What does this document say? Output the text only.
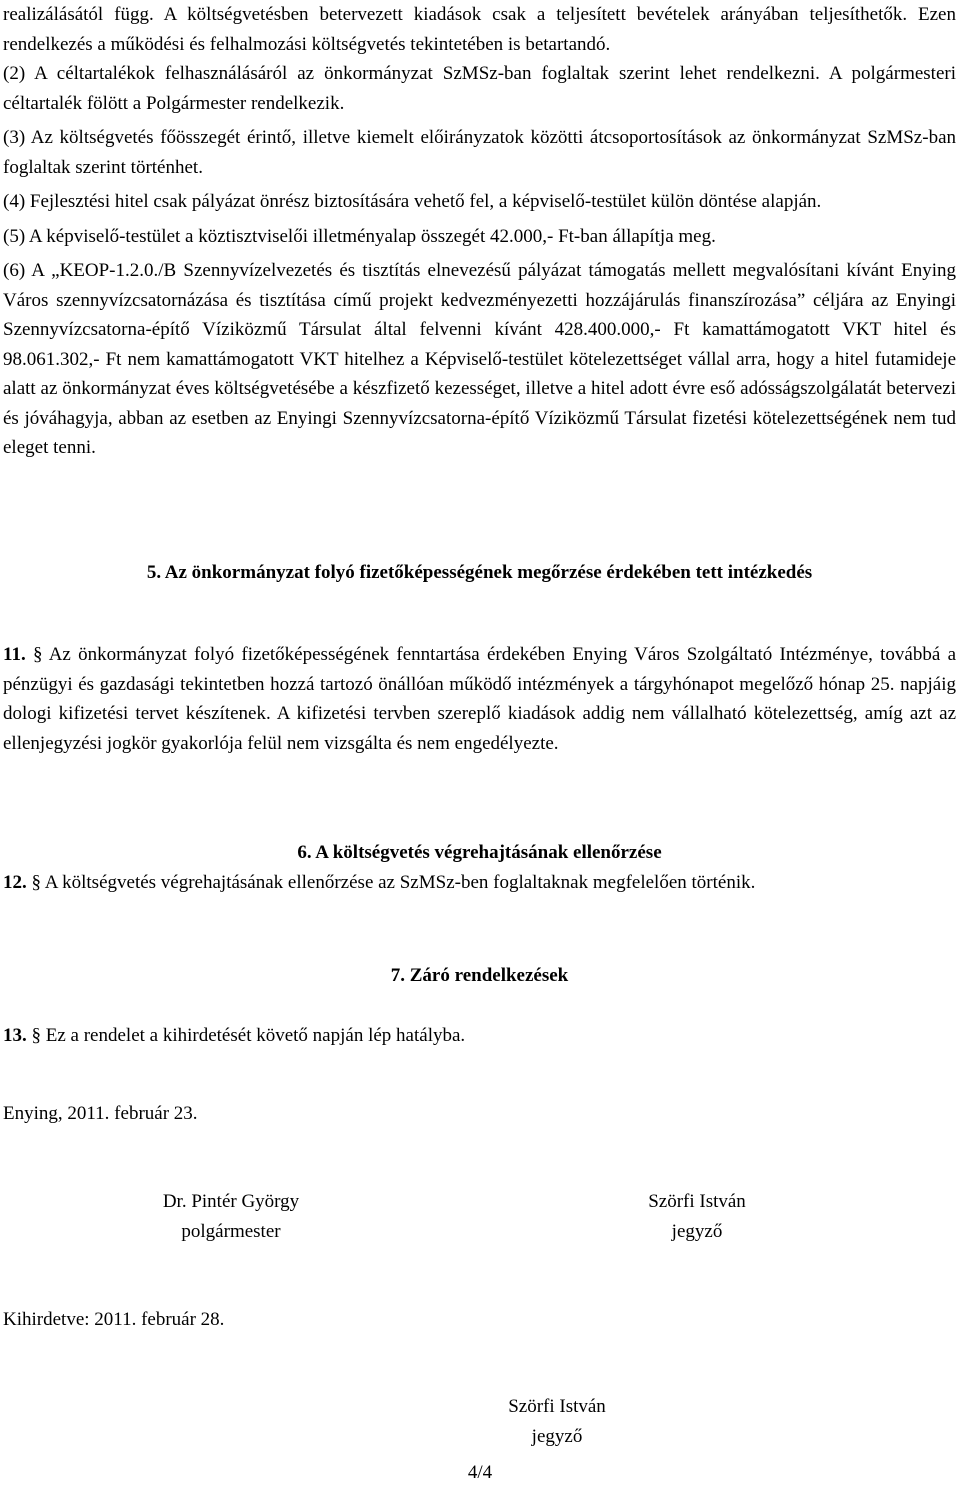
realizálásától függ. A költségvetésben betervezett kiadások csak a teljesített bevételek arányában teljesíthetők. Ezen rendelkezés a működési és felhalmozási költségvetés tekintetében is betartandó.

(2) A céltartalékok felhasználásáról az önkormányzat SzMSz-ban foglaltak szerint lehet rendelkezni. A polgármesteri céltartalék fölött a Polgármester rendelkezik.

(3) Az költségvetés főösszegét érintő, illetve kiemelt előirányzatok közötti átcsoportosítások az önkormányzat SzMSz-ban foglaltak szerint történhet.

(4) Fejlesztési hitel csak pályázat önrész biztosítására vehető fel, a képviselő-testület külön döntése alapján.

(5) A képviselő-testület a köztisztviselői illetményalap összegét 42.000,- Ft-ban állapítja meg.

(6) A „KEOP-1.2.0./B Szennyvízelvezetés és tisztítás elnevezésű pályázat támogatás mellett megvalósítani kívánt Enying Város szennyvízcsatornázása és tisztítása című projekt kedvezményezetti hozzájárulás finanszírozása” céljára az Enyingi Szennyvízcsatorna-építő Víziközmű Társulat által felvenni kívánt 428.400.000,- Ft kamattámogatott VKT hitel és 98.061.302,- Ft nem kamattámogatott VKT hitelhez a Képviselő-testület kötelezettséget vállal arra, hogy a hitel futamideje alatt az önkormányzat éves költségvetésébe a készfizető kezességet, illetve a hitel adott évre eső adósságszolgálatát betervezi és jóváhagyja, abban az esetben az Enyingi Szennyvízcsatorna-építő Víziközmű Társulat fizetési kötelezettségének nem tud eleget tenni.

5. Az önkormányzat folyó fizetőképességének megőrzése érdekében tett intézkedés

11. § Az önkormányzat folyó fizetőképességének fenntartása érdekében Enying Város Szolgáltató Intézménye, továbbá a pénzügyi és gazdasági tekintetben hozzá tartozó önállóan működő intézmények a tárgyhónapot megelőző hónap 25. napjáig dologi kifizetési tervet készítenek. A kifizetési tervben szereplő kiadások addig nem vállalható kötelezettség, amíg azt az ellenjegyzési jogkör gyakorlója felül nem vizsgálta és nem engedélyezte.

6. A költségvetés végrehajtásának ellenőrzése

12. § A költségvetés végrehajtásának ellenőrzése az SzMSz-ben foglaltaknak megfelelően történik.

7. Záró rendelkezések

13. § Ez a rendelet a kihirdetését követő napján lép hatályba.

Enying, 2011. február 23.
Dr. Pintér György
polgármester
Szörfi István
jegyző
Kihirdetve: 2011. február 28.
Szörfi István
jegyző
4/4
